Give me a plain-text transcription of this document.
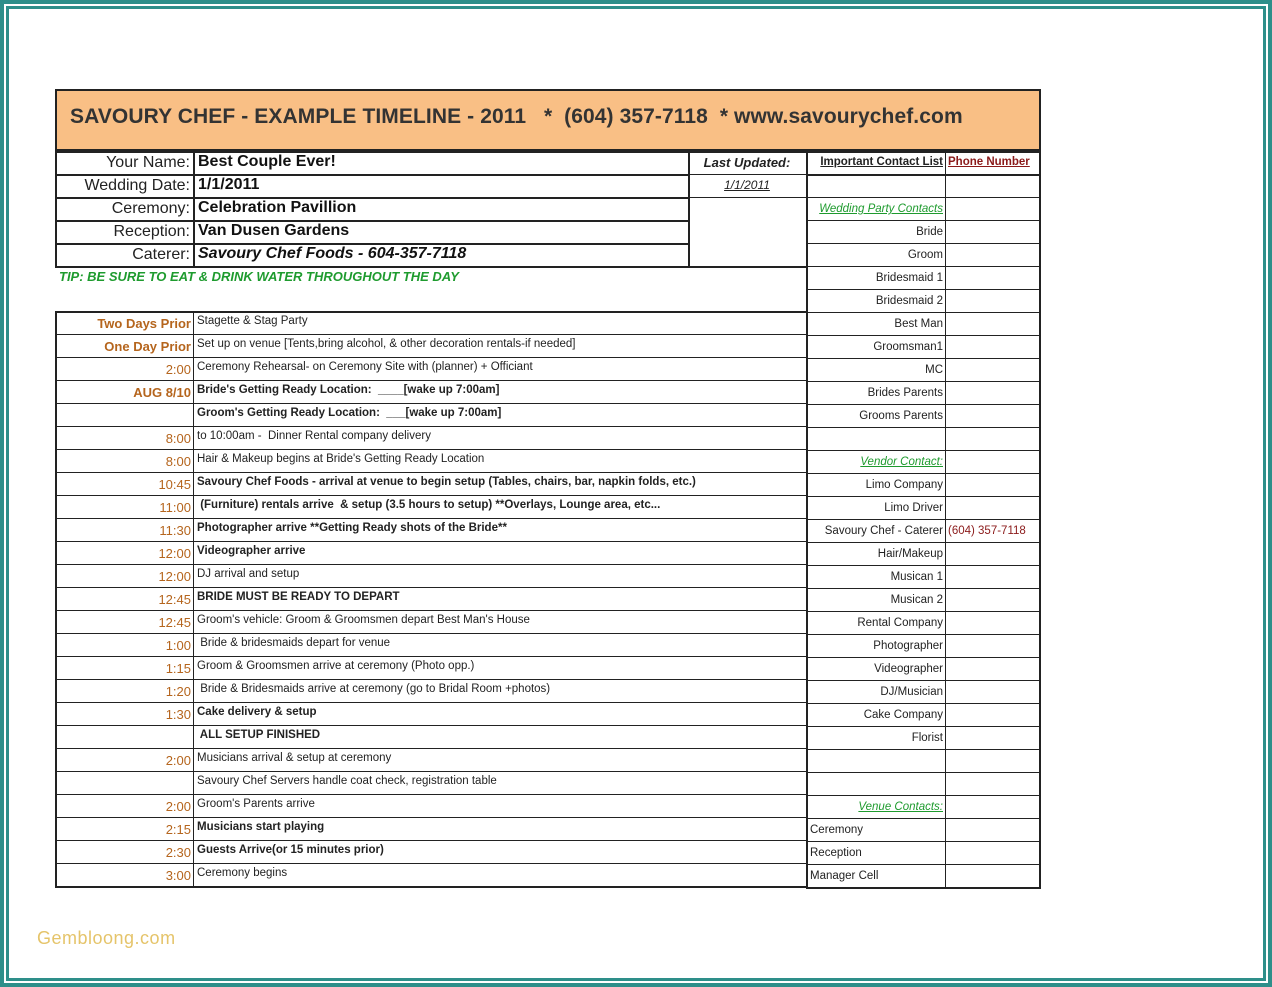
SAVOURY CHEF - EXAMPLE TIMELINE - 2011   *  (604) 357-7118  * www.savourychef.com
Your Name: Best Couple Ever!
Wedding Date: 1/1/2011
Ceremony: Celebration Pavillion
Reception: Van Dusen Gardens
Caterer: Savoury Chef Foods - 604-357-7118
Last Updated:
1/1/2011
Important Contact List Phone Number
Wedding Party Contacts
Bride
Groom
Bridesmaid 1
Bridesmaid 2
Best Man
Groomsman1
MC
Brides Parents
Grooms Parents
Vendor Contact:
Limo Company
Limo Driver
Savoury Chef - Caterer (604) 357-7118
Hair/Makeup
Musican 1
Musican 2
Rental Company
Photographer
Videographer
DJ/Musician
Cake Company
Florist
Venue Contacts:
Ceremony
Reception
Manager Cell
Two Days Prior Stagette & Stag Party
One Day Prior Set up on venue [Tents,bring alcohol, & other decoration rentals-if needed]
2:00 Ceremony Rehearsal- on Ceremony Site with (planner) + Officiant
AUG 8/10 Bride's Getting Ready Location:  ____[wake up 7:00am]
Groom's Getting Ready Location:  ___[wake up 7:00am]
8:00 to 10:00am -  Dinner Rental company delivery
8:00 Hair & Makeup begins at Bride's Getting Ready Location
10:45 Savoury Chef Foods - arrival at venue to begin setup (Tables, chairs, bar, napkin folds, etc.)
11:00 (Furniture) rentals arrive  & setup (3.5 hours to setup) **Overlays, Lounge area, etc...
11:30 Photographer arrive **Getting Ready shots of the Bride**
12:00 Videographer arrive
12:00 DJ arrival and setup
12:45 BRIDE MUST BE READY TO DEPART
12:45 Groom's vehicle: Groom & Groomsmen depart Best Man's House
1:00 Bride & bridesmaids depart for venue
1:15 Groom & Groomsmen arrive at ceremony (Photo opp.)
1:20 Bride & Bridesmaids arrive at ceremony (go to Bridal Room +photos)
1:30 Cake delivery & setup
ALL SETUP FINISHED
2:00 Musicians arrival & setup at ceremony
Savoury Chef Servers handle coat check, registration table
2:00 Groom's Parents arrive
2:15 Musicians start playing
2:30 Guests Arrive(or 15 minutes prior)
3:00 Ceremony begins
TIP: BE SURE TO EAT & DRINK WATER THROUGHOUT THE DAY
Gembloong.com
